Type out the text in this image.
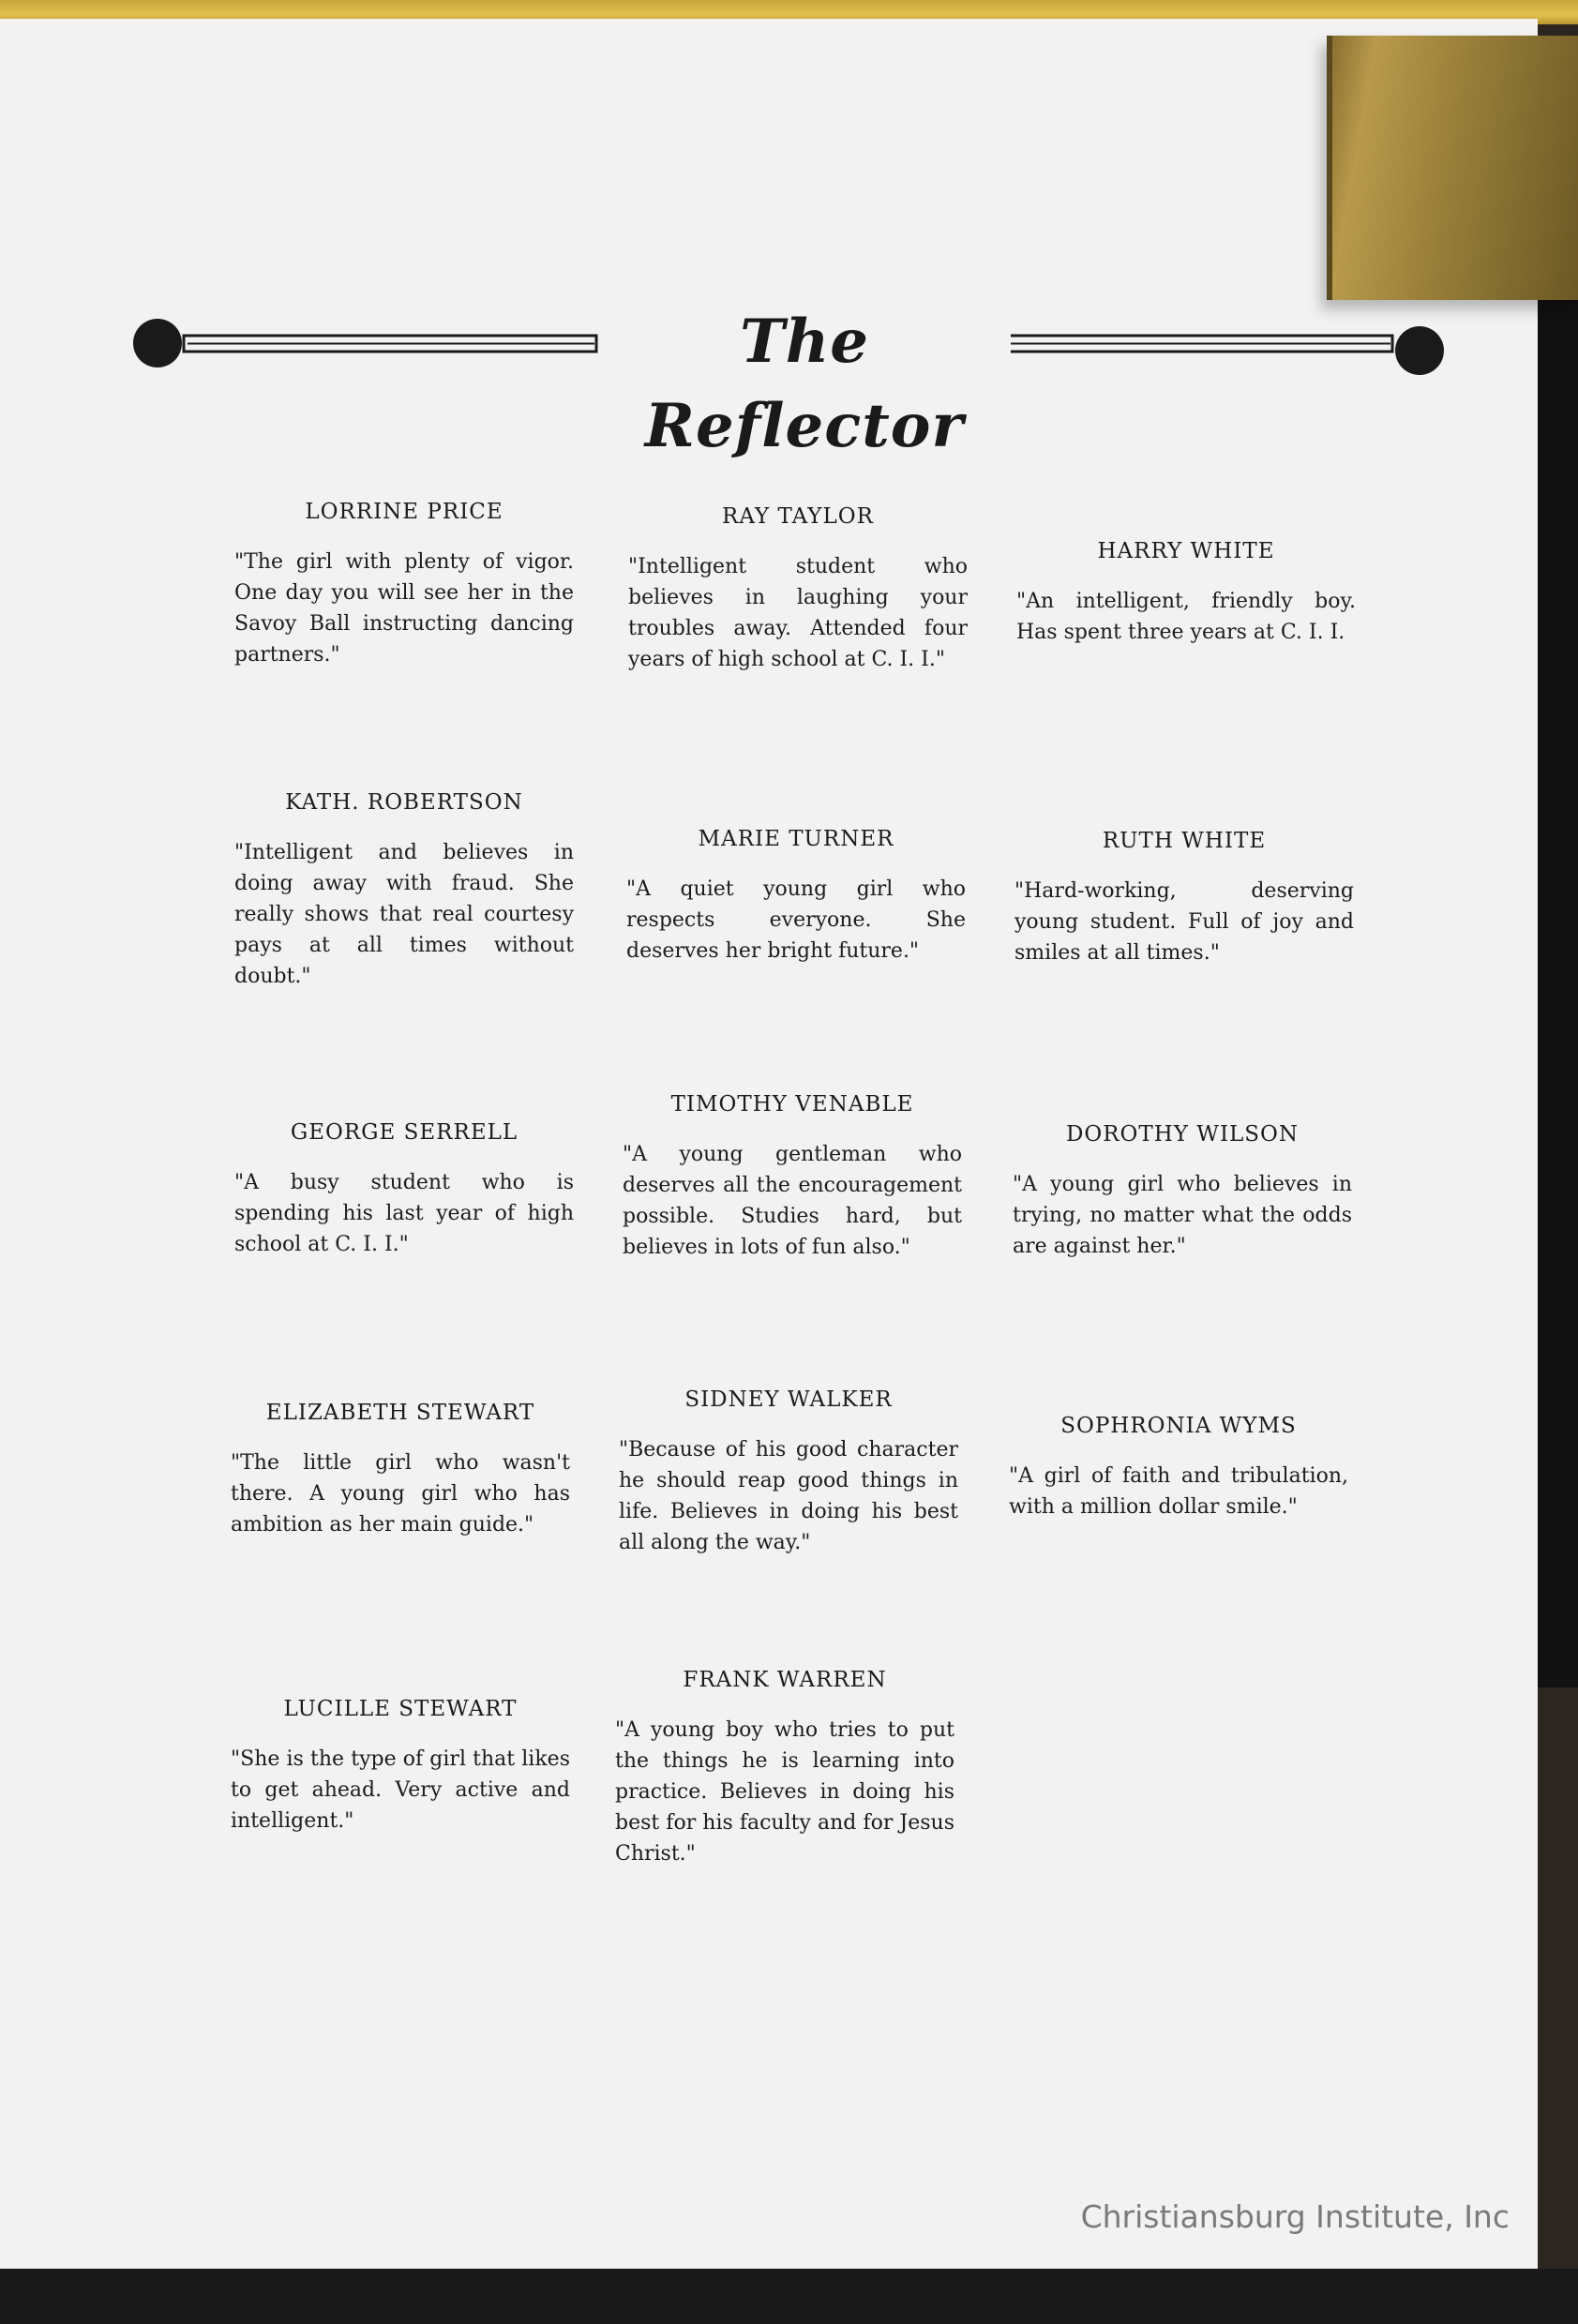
The Reflector
LORRINE PRICE

"The girl with plenty of vigor. One day you will see her in the Savoy Ball instructing dancing partners."

KATH. ROBERTSON

"Intelligent and believes in doing away with fraud. She really shows that real courtesy pays at all times without doubt."

GEORGE SERRELL

"A busy student who is spending his last year of high school at C. I. I."

ELIZABETH STEWART

"The little girl who wasn't there. A young girl who has ambition as her main guide."

LUCILLE STEWART

"She is the type of girl that likes to get ahead. Very active and intelligent."

RAY TAYLOR

"Intelligent student who believes in laughing your troubles away. Attended four years of high school at C. I. I."

MARIE TURNER

"A quiet young girl who respects everyone. She deserves her bright future."

TIMOTHY VENABLE

"A young gentleman who deserves all the encouragement possible. Studies hard, but believes in lots of fun also."

SIDNEY WALKER

"Because of his good character he should reap good things in life. Believes in doing his best all along the way."

FRANK WARREN

"A young boy who tries to put the things he is learning into practice. Believes in doing his best for his faculty and for Jesus Christ."

HARRY WHITE

"An intelligent, friendly boy. Has spent three years at C. I. I.

RUTH WHITE

"Hard-working, deserving young student. Full of joy and smiles at all times."

DOROTHY WILSON

"A young girl who believes in trying, no matter what the odds are against her."

SOPHRONIA WYMS

"A girl of faith and tribulation, with a million dollar smile."

Christiansburg Institute, Inc
